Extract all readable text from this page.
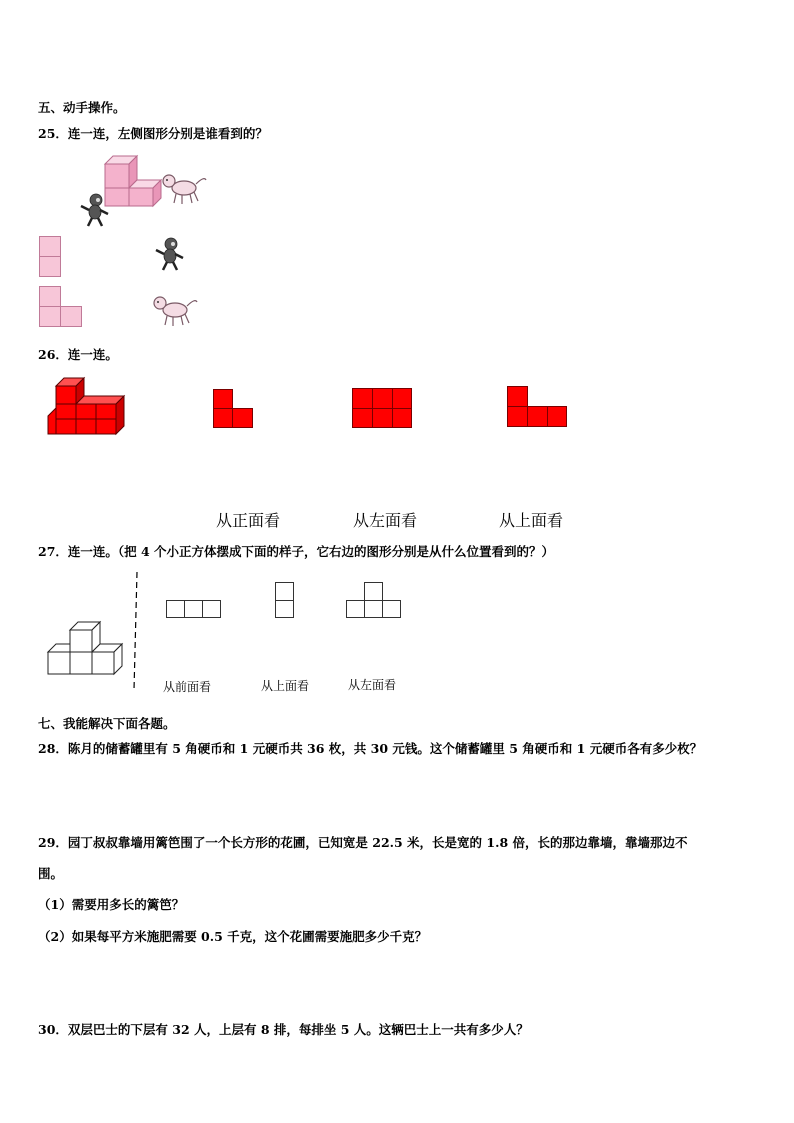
五、动手操作。
25．连一连，左侧图形分别是谁看到的？
26．连一连。
从正面看	从左面看	从上面看
27．连一连。（把 4 个小正方体摆成下面的样子，它右边的图形分别是从什么位置看到的？）
从前面看	从上面看	从左面看
七、我能解决下面各题。
28．陈月的储蓄罐里有 5 角硬币和 1 元硬币共 36 枚，共 30 元钱。这个储蓄罐里 5 角硬币和 1 元硬币各有多少枚？
29．园丁叔叔靠墙用篱笆围了一个长方形的花圃，已知宽是 22.5 米，长是宽的 1.8 倍，长的那边靠墙，靠墙那边不
围。
（1）需要用多长的篱笆？
（2）如果每平方米施肥需要 0.5 千克，这个花圃需要施肥多少千克？
30．双层巴士的下层有 32 人，上层有 8 排，每排坐 5 人。这辆巴士上一共有多少人？
